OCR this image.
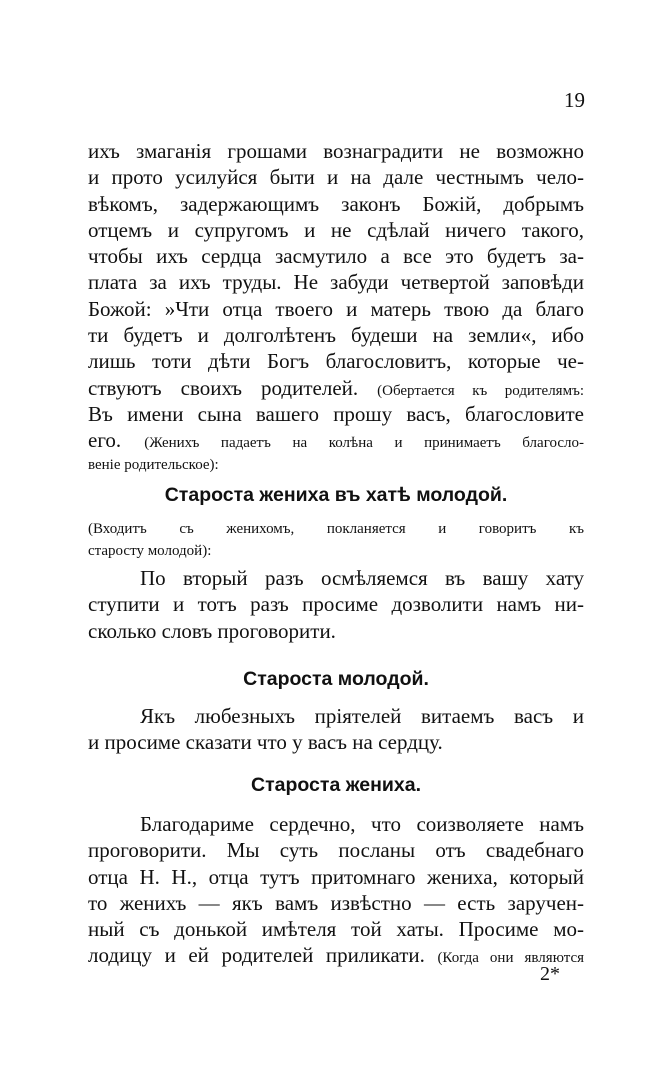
19
ихъ змаганія грошами вознаградити не возможно
и прото усилуйся быти и на дале честнымъ чело-
вѣкомъ, задержающимъ законъ Божій, добрымъ
отцемъ и супругомъ и не сдѣлай ничего такого,
чтобы ихъ сердца засмутило а все это будетъ за-
плата за ихъ труды. Не забуди четвертой заповѣди
Божой: »Чти отца твоего и матерь твою да благо
ти будетъ и долголѣтенъ будеши на земли«, ибо
лишь тоти дѣти Богъ благословитъ, которые че-
ствуютъ своихъ родителей. (Обертается къ родителямъ:
Въ имени сына вашего прошу васъ, благословите
его. (Женихъ падаетъ на колѣна и принимаетъ благосло-
веніе родительское):
Староста жениха въ хатѣ молодой.
(Входитъ съ женихомъ, покланяется и говоритъ къ
старосту молодой):
По вторый разъ осмѣляемся въ вашу хату
ступити и тотъ разъ просиме дозволити намъ ни-
сколько словъ проговорити.
Староста молодой.
Якъ любезныхъ пріятелей витаемъ васъ и
и просиме сказати что у васъ на сердцу.
Староста жениха.
Благодариме сердечно, что соизволяете намъ
проговорити. Мы суть посланы отъ свадебнаго
отца Н. Н., отца тутъ притомнаго жениха, который
то женихъ — якъ вамъ извѣстно — есть заручен-
ный съ донькой имѣтеля той хаты. Просиме мо-
лодицу и ей родителей приликати. (Когда они являются
2*
